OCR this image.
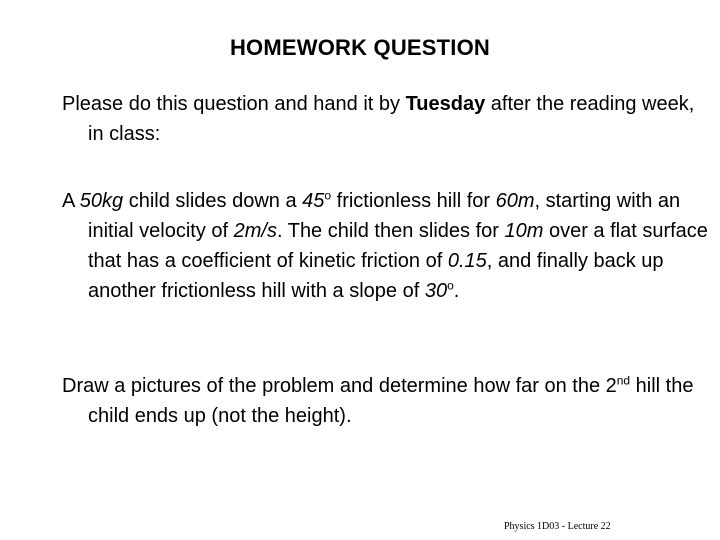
HOMEWORK QUESTION
Please do this question and hand it by Tuesday after the reading week, in class:
A 50kg child slides down a 45$^o$ frictionless hill for 60m, starting with an initial velocity of 2m/s. The child then slides for 10m over a flat surface that has a coefficient of kinetic friction of 0.15, and finally back up another frictionless hill with a slope of 30$^o$.
Draw a pictures of the problem and determine how far on the 2nd hill the child ends up (not the height).
Physics 1D03 - Lecture 22
